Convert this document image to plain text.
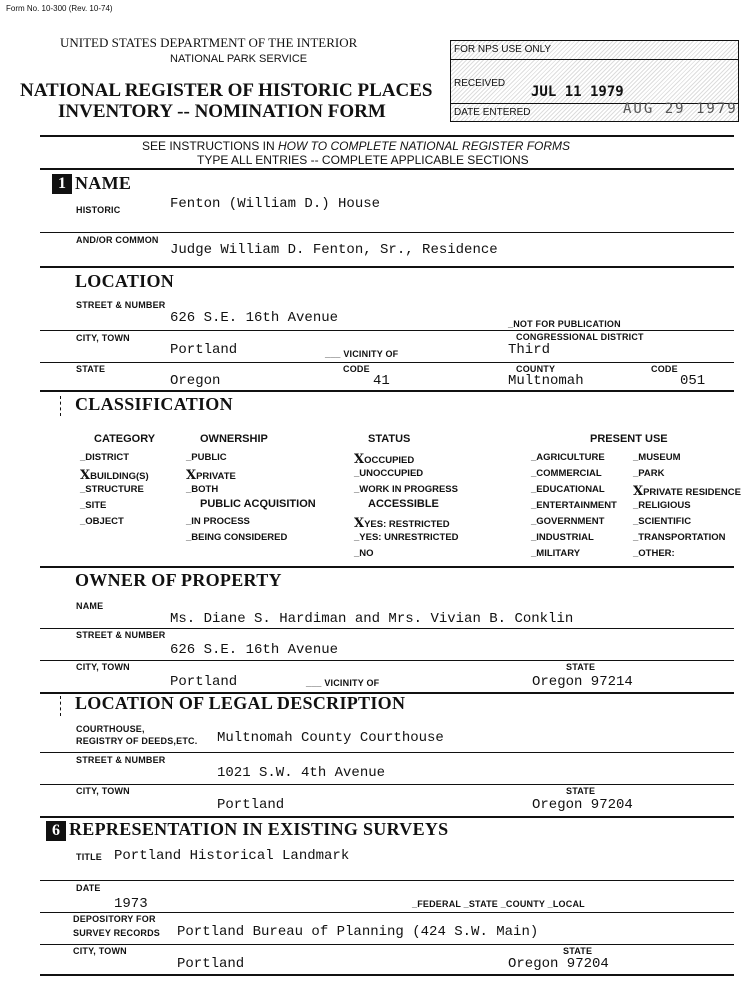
Form No. 10-300 (Rev. 10-74)
UNITED STATES DEPARTMENT OF THE INTERIOR
NATIONAL PARK SERVICE
NATIONAL REGISTER OF HISTORIC PLACES
INVENTORY -- NOMINATION FORM
FOR NPS USE ONLY
RECEIVED
JUL 11 1979
DATE ENTERED	AUG 29 1979
SEE INSTRUCTIONS IN HOW TO COMPLETE NATIONAL REGISTER FORMS
TYPE ALL ENTRIES -- COMPLETE APPLICABLE SECTIONS
1 NAME
HISTORIC	Fenton (William D.) House
AND/OR COMMON
Judge William D. Fenton, Sr., Residence
LOCATION
STREET & NUMBER
626 S.E. 16th Avenue	_NOT FOR PUBLICATION
CITY, TOWN
Portland	___ VICINITY OF
CONGRESSIONAL DISTRICT
Third
STATE
Oregon
CODE
41
COUNTY
Multnomah
CODE
051
CLASSIFICATION
CATEGORY
_DISTRICT
XBUILDING(S)
_STRUCTURE
_SITE
_OBJECT
OWNERSHIP
_PUBLIC
XPRIVATE
_BOTH
PUBLIC ACQUISITION
_IN PROCESS
_BEING CONSIDERED
STATUS
XOCCUPIED
_UNOCCUPIED
_WORK IN PROGRESS
ACCESSIBLE
XYES: RESTRICTED
_YES: UNRESTRICTED
_NO
PRESENT USE
_AGRICULTURE
_COMMERCIAL
_EDUCATIONAL
_ENTERTAINMENT
_GOVERNMENT
_INDUSTRIAL
_MILITARY
_MUSEUM
_PARK
XPRIVATE RESIDENCE
_RELIGIOUS
_SCIENTIFIC
_TRANSPORTATION
_OTHER:
OWNER OF PROPERTY
NAME
Ms. Diane S. Hardiman and Mrs. Vivian B. Conklin
STREET & NUMBER
626 S.E. 16th Avenue
CITY, TOWN
Portland	___ VICINITY OF
STATE
Oregon 97214
LOCATION OF LEGAL DESCRIPTION
COURTHOUSE,
REGISTRY OF DEEDS,ETC. Multnomah County Courthouse
STREET & NUMBER
1021 S.W. 4th Avenue
CITY, TOWN
Portland
STATE
Oregon 97204
6 REPRESENTATION IN EXISTING SURVEYS
TITLE Portland Historical Landmark
DATE
1973	_FEDERAL _STATE _COUNTY _LOCAL
DEPOSITORY FOR
SURVEY RECORDS Portland Bureau of Planning (424 S.W. Main)
CITY, TOWN
Portland
STATE
Oregon 97204
